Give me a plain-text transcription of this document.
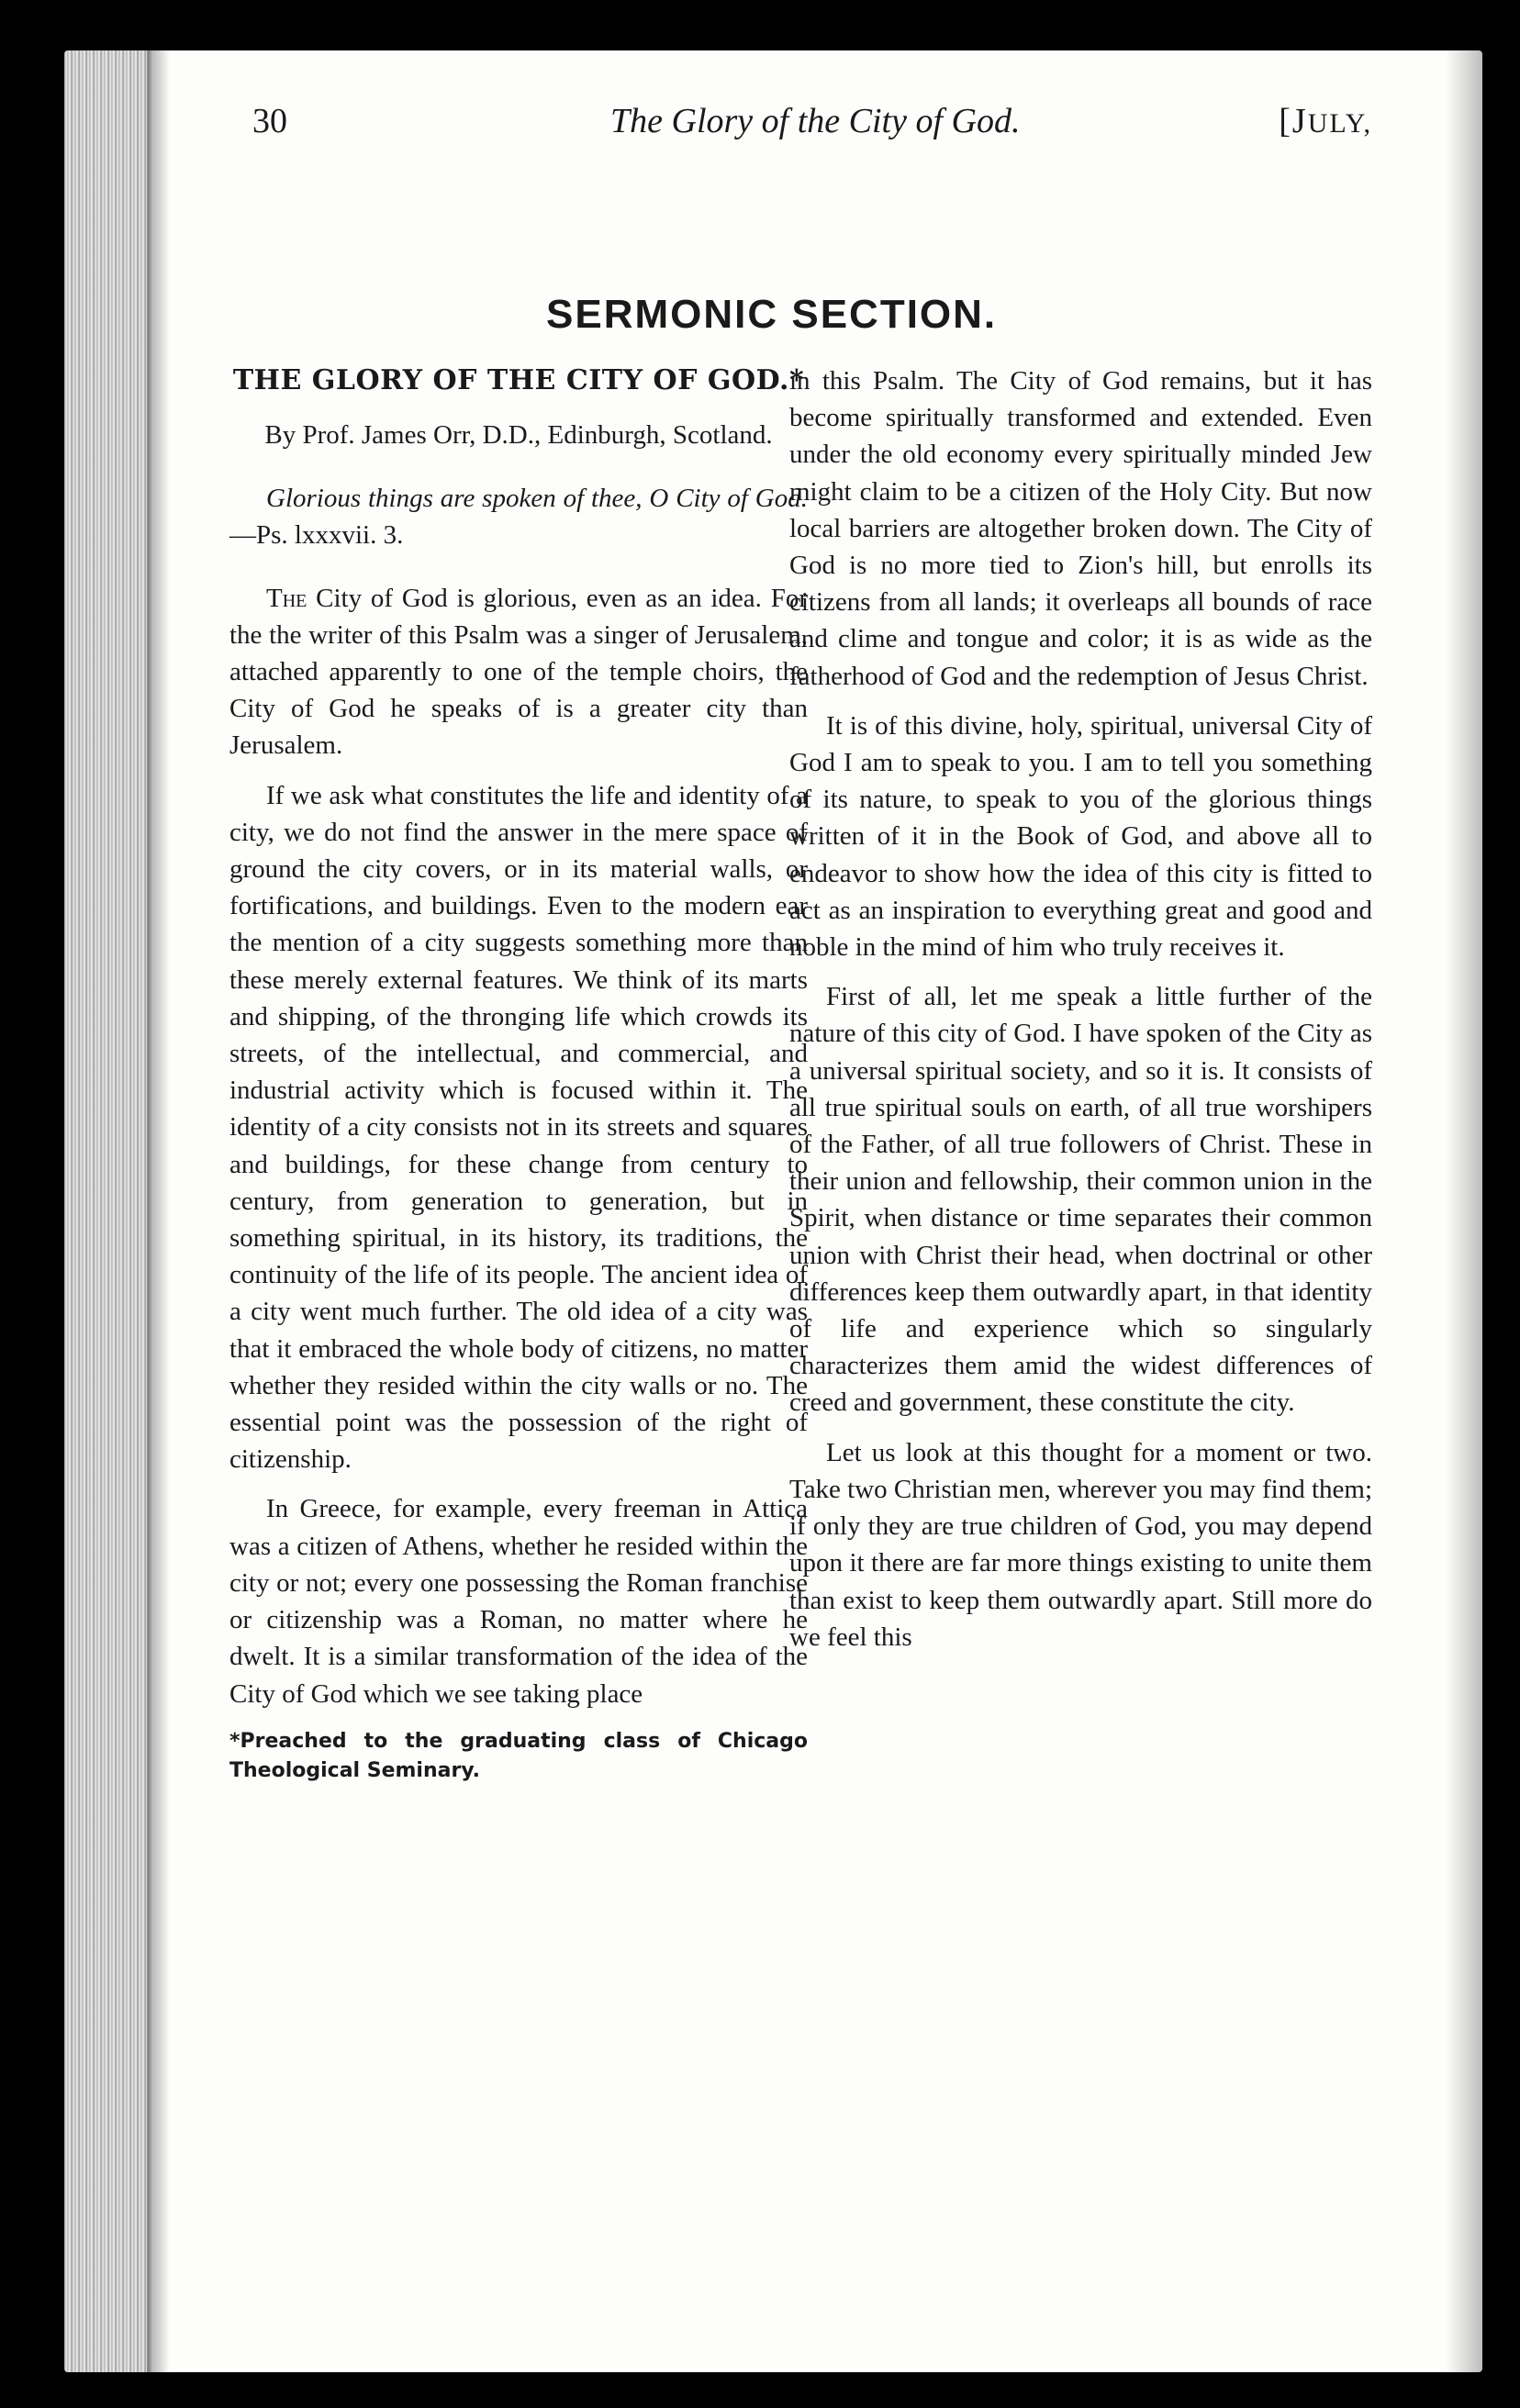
30	The Glory of the City of God.	[JULY,
SERMONIC SECTION.

THE GLORY OF THE CITY OF GOD.*

By Prof. James Orr, D.D., Edinburgh, Scotland.

Glorious things are spoken of thee, O City of God.—Ps. lxxxvii. 3.

The City of God is glorious, even as an idea. For the the writer of this Psalm was a singer of Jerusalem, attached apparently to one of the temple choirs, the City of God he speaks of is a greater city than Jerusalem.

If we ask what constitutes the life and identity of a city, we do not find the answer in the mere space of ground the city covers, or in its material walls, or fortifications, and buildings. Even to the modern ear the mention of a city suggests something more than these merely external features. We think of its marts and shipping, of the thronging life which crowds its streets, of the intellectual, and commercial, and industrial activity which is focused within it. The identity of a city consists not in its streets and squares and buildings, for these change from century to century, from generation to generation, but in something spiritual, in its history, its traditions, the continuity of the life of its people. The ancient idea of a city went much further. The old idea of a city was that it embraced the whole body of citizens, no matter whether they resided within the city walls or no. The essential point was the possession of the right of citizenship.

In Greece, for example, every freeman in Attica was a citizen of Athens, whether he resided within the city or not; every one possessing the Roman franchise or citizenship was a Roman, no matter where he dwelt. It is a similar transformation of the idea of the City of God which we see taking place

*Preached to the graduating class of Chicago Theological Seminary.

in this Psalm. The City of God remains, but it has become spiritually transformed and extended. Even under the old economy every spiritually minded Jew might claim to be a citizen of the Holy City. But now local barriers are altogether broken down. The City of God is no more tied to Zion's hill, but enrolls its citizens from all lands; it overleaps all bounds of race and clime and tongue and color; it is as wide as the fatherhood of God and the redemption of Jesus Christ.

It is of this divine, holy, spiritual, universal City of God I am to speak to you. I am to tell you something of its nature, to speak to you of the glorious things written of it in the Book of God, and above all to endeavor to show how the idea of this city is fitted to act as an inspiration to everything great and good and noble in the mind of him who truly receives it.

First of all, let me speak a little further of the nature of this city of God. I have spoken of the City as a universal spiritual society, and so it is. It consists of all true spiritual souls on earth, of all true worshipers of the Father, of all true followers of Christ. These in their union and fellowship, their common union in the Spirit, when distance or time separates their common union with Christ their head, when doctrinal or other differences keep them outwardly apart, in that identity of life and experience which so singularly characterizes them amid the widest differences of creed and government, these constitute the city.

Let us look at this thought for a moment or two. Take two Christian men, wherever you may find them; if only they are true children of God, you may depend upon it there are far more things existing to unite them than exist to keep them outwardly apart. Still more do we feel this
